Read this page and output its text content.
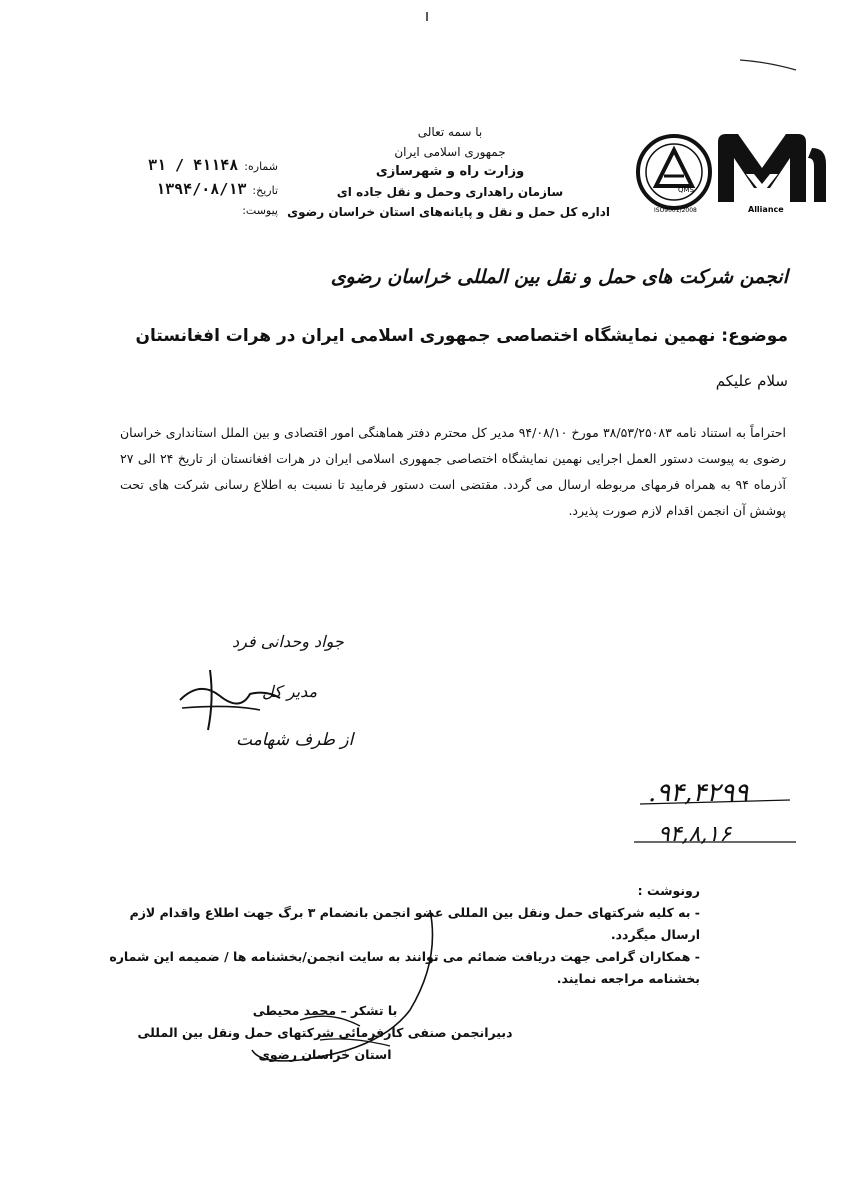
با سمه تعالی
جمهوری اسلامی ایران
وزارت راه و شهرسازی
سازمان راهداری وحمل و نقل جاده ای
اداره کل حمل و نقل و پایانه‌های استان خراسان رضوی
شماره:
۳۱ / ۴۱۱۴۸
تاریخ:
۱۳۹۴/۰۸/۱۳
پیوست:
QMS
ISO9001/2008	Alliance
انجمن شرکت های حمل و نقل بین المللی خراسان رضوی
موضوع: نهمین نمایشگاه اختصاصی جمهوری اسلامی ایران در هرات افغانستان
سلام علیکم
احتراماً به استناد نامه ۳۸/۵۳/۲۵۰۸۳ مورخ ۹۴/۰۸/۱۰ مدیر کل محترم دفتر هماهنگی امور اقتصادی و بین الملل استانداری خراسان رضوی به پیوست دستور العمل اجرایی نهمین نمایشگاه اختصاصی جمهوری اسلامی ایران در هرات افغانستان از تاریخ ۲۴ الی ۲۷ آذرماه ۹۴ به همراه فرمهای مربوطه ارسال می گردد. مقتضی است دستور فرمایید تا نسبت به اطلاع رسانی شرکت های تحت پوشش آن انجمن اقدام لازم صورت پذیرد.
جواد وحدانی فرد
مدیر کل
از طرف شهامت
.۹۴,۴۲۹۹
۹۴,۸,۱۶
رونوشت :
- به کلیه شرکتهای حمل ونقل بین المللی عضو انجمن بانضمام ۳ برگ جهت اطلاع واقدام لازم ارسال میگردد.
- همکاران گرامی جهت دریافت ضمائم می توانند به سایت انجمن/بخشنامه ها / ضمیمه این شماره بخشنامه مراجعه نمایند.
با تشکر – محمد محیطی
دبیرانجمن صنفی کارفرمائی شرکتهای حمل ونقل بین المللی
استان خراسان رضوی
